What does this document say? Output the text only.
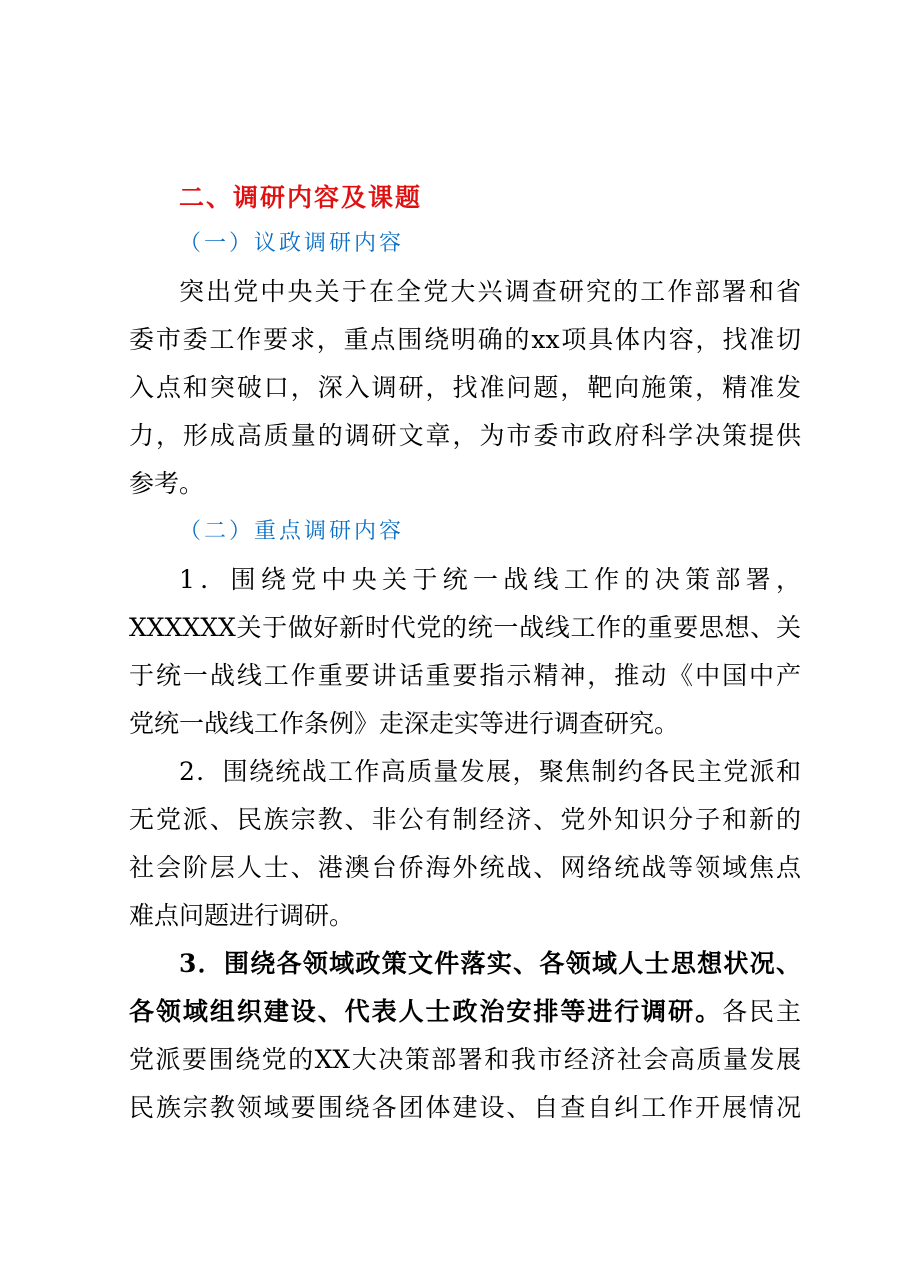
二、调研内容及课题
（一）议政调研内容
突出党中央关于在全党大兴调查研究的工作部署和省
委市委工作要求，重点围绕明确的xx项具体内容，找准切
入点和突破口，深入调研，找准问题，靶向施策，精准发
力，形成高质量的调研文章，为市委市政府科学决策提供
参考。
（二）重点调研内容
1．围绕党中央关于统一战线工作的决策部署，
XXXXXX关于做好新时代党的统一战线工作的重要思想、关
于统一战线工作重要讲话重要指示精神，推动《中国中产
党统一战线工作条例》走深走实等进行调查研究。
2．围绕统战工作高质量发展，聚焦制约各民主党派和
无党派、民族宗教、非公有制经济、党外知识分子和新的
社会阶层人士、港澳台侨海外统战、网络统战等领域焦点
难点问题进行调研。
3．围绕各领域政策文件落实、各领域人士思想状况、
各领域组织建设、代表人士政治安排等进行调研。各民主
党派要围绕党的XX大决策部署和我市经济社会高质量发展
民族宗教领域要围绕各团体建设、自查自纠工作开展情况
